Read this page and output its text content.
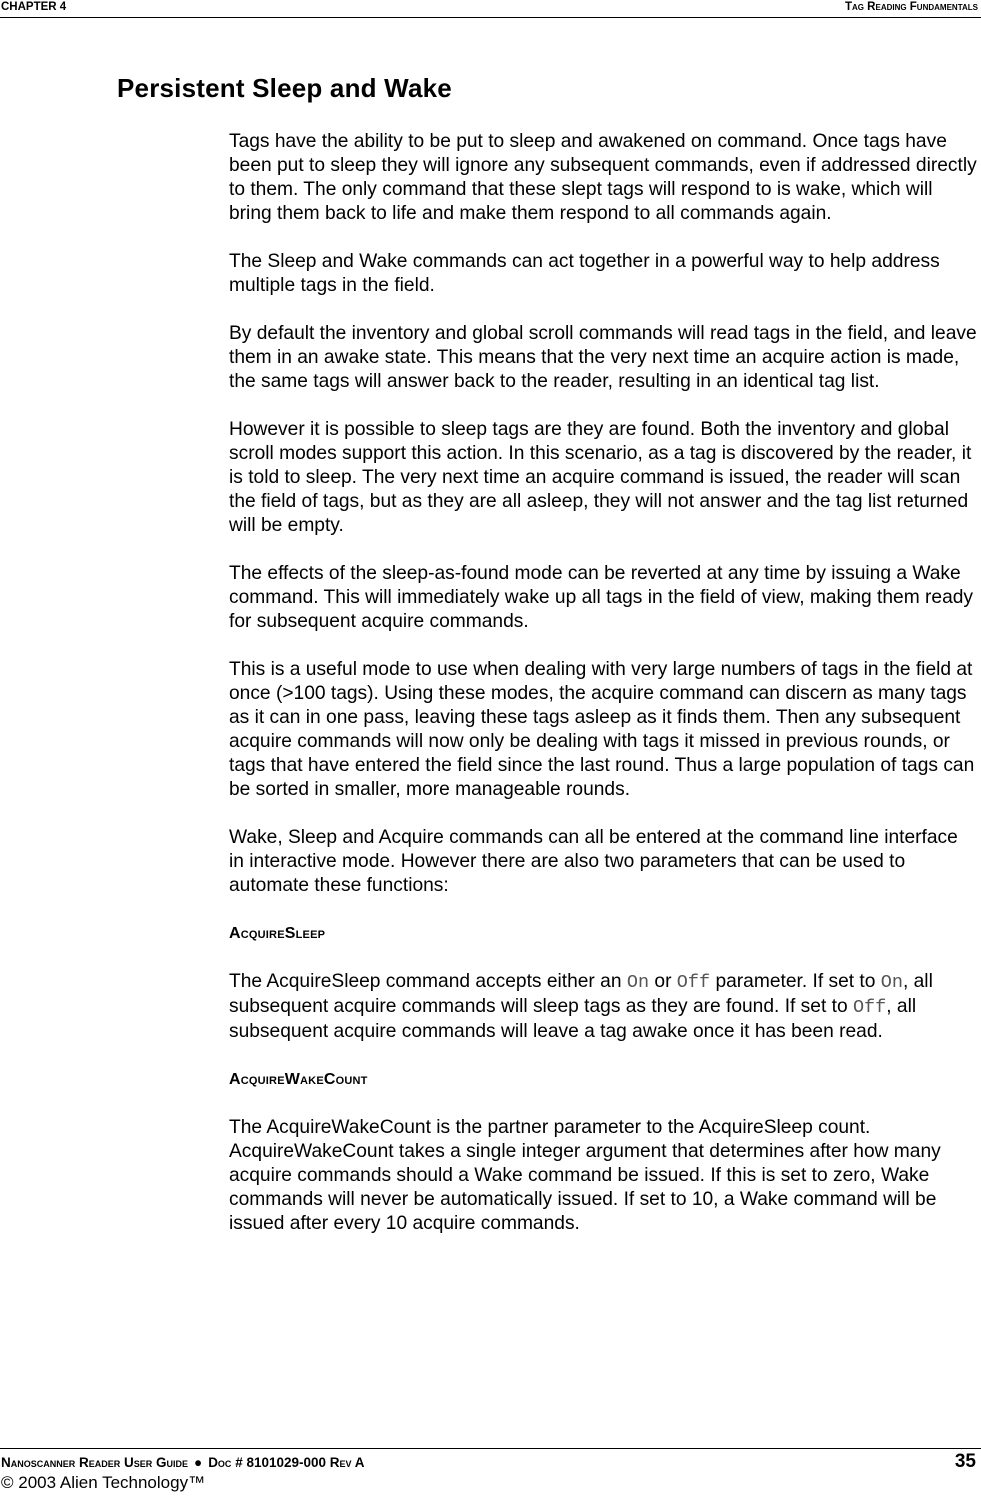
CHAPTER 4	Tag Reading Fundamentals
Persistent Sleep and Wake

Tags have the ability to be put to sleep and awakened on command. Once tags have been put to sleep they will ignore any subsequent commands, even if addressed directly to them. The only command that these slept tags will respond to is wake, which will bring them back to life and make them respond to all commands again.

The Sleep and Wake commands can act together in a powerful way to help address multiple tags in the field.

By default the inventory and global scroll commands will read tags in the field, and leave them in an awake state. This means that the very next time an acquire action is made, the same tags will answer back to the reader, resulting in an identical tag list.

However it is possible to sleep tags are they are found. Both the inventory and global scroll modes support this action. In this scenario, as a tag is discovered by the reader, it is told to sleep. The very next time an acquire command is issued, the reader will scan the field of tags, but as they are all asleep, they will not answer and the tag list returned will be empty.

The effects of the sleep-as-found mode can be reverted at any time by issuing a Wake command. This will immediately wake up all tags in the field of view, making them ready for subsequent acquire commands.

This is a useful mode to use when dealing with very large numbers of tags in the field at once (>100 tags). Using these modes, the acquire command can discern as many tags as it can in one pass, leaving these tags asleep as it finds them. Then any subsequent acquire commands will now only be dealing with tags it missed in previous rounds, or tags that have entered the field since the last round. Thus a large population of tags can be sorted in smaller, more manageable rounds.

Wake, Sleep and Acquire commands can all be entered at the command line interface in interactive mode. However there are also two parameters that can be used to automate these functions:

AcquireSleep

The AcquireSleep command accepts either an On or Off parameter. If set to On, all subsequent acquire commands will sleep tags as they are found. If set to Off, all subsequent acquire commands will leave a tag awake once it has been read.

AcquireWakeCount

The AcquireWakeCount is the partner parameter to the AcquireSleep count. AcquireWakeCount takes a single integer argument that determines after how many acquire commands should a Wake command be issued. If this is set to zero, Wake commands will never be automatically issued. If set to 10, a Wake command will be issued after every 10 acquire commands.

Nanoscanner Reader User Guide ● Doc # 8101029-000 Rev A	35
© 2003 Alien Technology™
